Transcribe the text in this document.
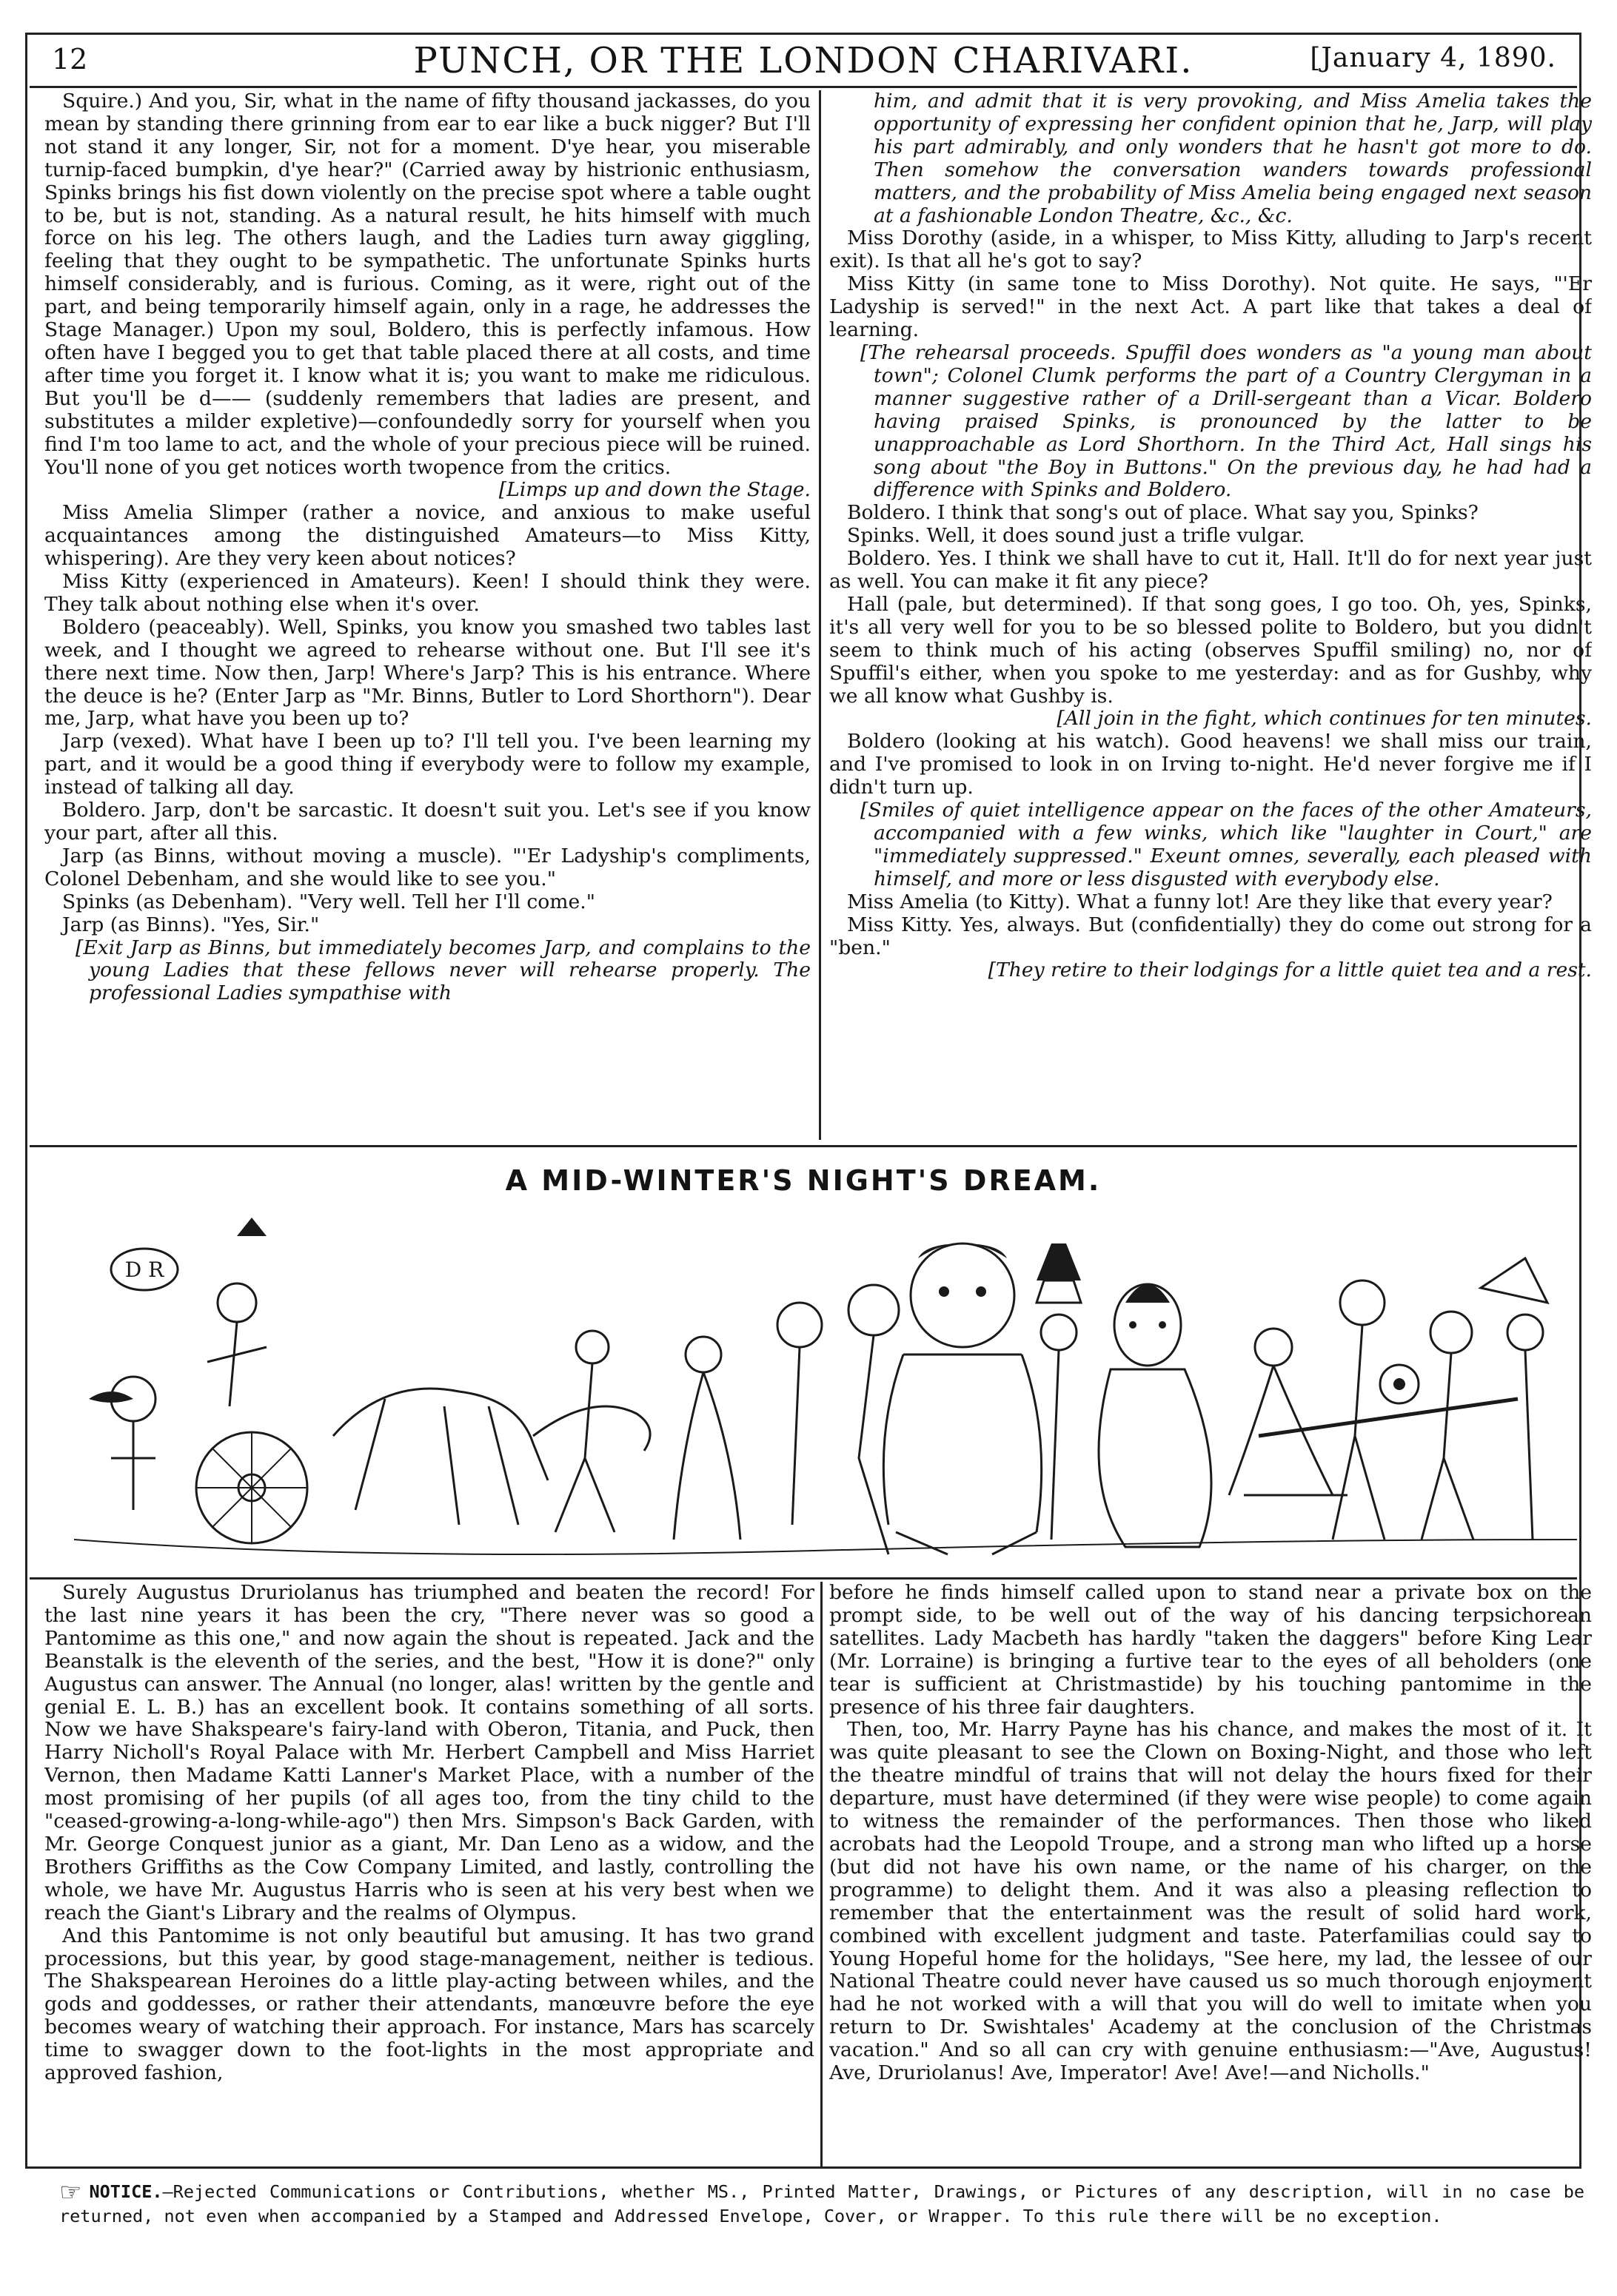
12	PUNCH, OR THE LONDON CHARIVARI.	[January 4, 1890.

Squire.) And you, Sir, what in the name of fifty thousand jackasses, do you mean by standing there grinning from ear to ear like a buck nigger? But I'll not stand it any longer, Sir, not for a moment. D'ye hear, you miserable turnip-faced bumpkin, d'ye hear?" (Carried away by histrionic enthusiasm, Spinks brings his fist down violently on the precise spot where a table ought to be, but is not, standing. As a natural result, he hits himself with much force on his leg. The others laugh, and the Ladies turn away giggling, feeling that they ought to be sympathetic. The unfortunate Spinks hurts himself considerably, and is furious. Coming, as it were, right out of the part, and being temporarily himself again, only in a rage, he addresses the Stage Manager.) Upon my soul, Boldero, this is perfectly infamous. How often have I begged you to get that table placed there at all costs, and time after time you forget it. I know what it is; you want to make me ridiculous. But you'll be d—— (suddenly remembers that ladies are present, and substitutes a milder expletive)—confoundedly sorry for yourself when you find I'm too lame to act, and the whole of your precious piece will be ruined. You'll none of you get notices worth twopence from the critics.

[Limps up and down the Stage.

Miss Amelia Slimper (rather a novice, and anxious to make useful acquaintances among the distinguished Amateurs—to Miss Kitty, whispering). Are they very keen about notices?

Miss Kitty (experienced in Amateurs). Keen! I should think they were. They talk about nothing else when it's over.

Boldero (peaceably). Well, Spinks, you know you smashed two tables last week, and I thought we agreed to rehearse without one. But I'll see it's there next time. Now then, Jarp! Where's Jarp? This is his entrance. Where the deuce is he? (Enter Jarp as "Mr. Binns, Butler to Lord Shorthorn"). Dear me, Jarp, what have you been up to?

Jarp (vexed). What have I been up to? I'll tell you. I've been learning my part, and it would be a good thing if everybody were to follow my example, instead of talking all day.

Boldero. Jarp, don't be sarcastic. It doesn't suit you. Let's see if you know your part, after all this.

Jarp (as Binns, without moving a muscle). "'Er Ladyship's compliments, Colonel Debenham, and she would like to see you."

Spinks (as Debenham). "Very well. Tell her I'll come."

Jarp (as Binns). "Yes, Sir."

[Exit Jarp as Binns, but immediately becomes Jarp, and complains to the young Ladies that these fellows never will rehearse properly. The professional Ladies sympathise with

him, and admit that it is very provoking, and Miss Amelia takes the opportunity of expressing her confident opinion that he, Jarp, will play his part admirably, and only wonders that he hasn't got more to do. Then somehow the conversation wanders towards professional matters, and the probability of Miss Amelia being engaged next season at a fashionable London Theatre, &c., &c.

Miss Dorothy (aside, in a whisper, to Miss Kitty, alluding to Jarp's recent exit). Is that all he's got to say?

Miss Kitty (in same tone to Miss Dorothy). Not quite. He says, "'Er Ladyship is served!" in the next Act. A part like that takes a deal of learning.

[The rehearsal proceeds. Spuffil does wonders as "a young man about town"; Colonel Clumk performs the part of a Country Clergyman in a manner suggestive rather of a Drill-sergeant than a Vicar. Boldero having praised Spinks, is pronounced by the latter to be unapproachable as Lord Shorthorn. In the Third Act, Hall sings his song about "the Boy in Buttons." On the previous day, he had had a difference with Spinks and Boldero.

Boldero. I think that song's out of place. What say you, Spinks?

Spinks. Well, it does sound just a trifle vulgar.

Boldero. Yes. I think we shall have to cut it, Hall. It'll do for next year just as well. You can make it fit any piece?

Hall (pale, but determined). If that song goes, I go too. Oh, yes, Spinks, it's all very well for you to be so blessed polite to Boldero, but you didn't seem to think much of his acting (observes Spuffil smiling) no, nor of Spuffil's either, when you spoke to me yesterday: and as for Gushby, why we all know what Gushby is.

[All join in the fight, which continues for ten minutes.

Boldero (looking at his watch). Good heavens! we shall miss our train, and I've promised to look in on Irving to-night. He'd never forgive me if I didn't turn up.

[Smiles of quiet intelligence appear on the faces of the other Amateurs, accompanied with a few winks, which like "laughter in Court," are "immediately suppressed." Exeunt omnes, severally, each pleased with himself, and more or less disgusted with everybody else.

Miss Amelia (to Kitty). What a funny lot! Are they like that every year?

Miss Kitty. Yes, always. But (confidentially) they do come out strong for a "ben."

[They retire to their lodgings for a little quiet tea and a rest.

A MID-WINTER'S NIGHT'S DREAM.
D R

Surely Augustus Druriolanus has triumphed and beaten the record! For the last nine years it has been the cry, "There never was so good a Pantomime as this one," and now again the shout is repeated. Jack and the Beanstalk is the eleventh of the series, and the best, "How it is done?" only Augustus can answer. The Annual (no longer, alas! written by the gentle and genial E. L. B.) has an excellent book. It contains something of all sorts. Now we have Shakspeare's fairy-land with Oberon, Titania, and Puck, then Harry Nicholl's Royal Palace with Mr. Herbert Campbell and Miss Harriet Vernon, then Madame Katti Lanner's Market Place, with a number of the most promising of her pupils (of all ages too, from the tiny child to the "ceased-growing-a-long-while-ago") then Mrs. Simpson's Back Garden, with Mr. George Conquest junior as a giant, Mr. Dan Leno as a widow, and the Brothers Griffiths as the Cow Company Limited, and lastly, controlling the whole, we have Mr. Augustus Harris who is seen at his very best when we reach the Giant's Library and the realms of Olympus.

And this Pantomime is not only beautiful but amusing. It has two grand processions, but this year, by good stage-management, neither is tedious. The Shakspearean Heroines do a little play-acting between whiles, and the gods and goddesses, or rather their attendants, manœuvre before the eye becomes weary of watching their approach. For instance, Mars has scarcely time to swagger down to the foot-lights in the most appropriate and approved fashion,

before he finds himself called upon to stand near a private box on the prompt side, to be well out of the way of his dancing terpsichorean satellites. Lady Macbeth has hardly "taken the daggers" before King Lear (Mr. Lorraine) is bringing a furtive tear to the eyes of all beholders (one tear is sufficient at Christmastide) by his touching pantomime in the presence of his three fair daughters.

Then, too, Mr. Harry Payne has his chance, and makes the most of it. It was quite pleasant to see the Clown on Boxing-Night, and those who left the theatre mindful of trains that will not delay the hours fixed for their departure, must have determined (if they were wise people) to come again to witness the remainder of the performances. Then those who liked acrobats had the Leopold Troupe, and a strong man who lifted up a horse (but did not have his own name, or the name of his charger, on the programme) to delight them. And it was also a pleasing reflection to remember that the entertainment was the result of solid hard work, combined with excellent judgment and taste. Paterfamilias could say to Young Hopeful home for the holidays, "See here, my lad, the lessee of our National Theatre could never have caused us so much thorough enjoyment had he not worked with a will that you will do well to imitate when you return to Dr. Swishtales' Academy at the conclusion of the Christmas vacation." And so all can cry with genuine enthusiasm:—"Ave, Augustus! Ave, Druriolanus! Ave, Imperator! Ave! Ave!—and Nicholls."

☞ NOTICE.—Rejected Communications or Contributions, whether MS., Printed Matter, Drawings, or Pictures of any description, will in no case be returned, not even when accompanied by a Stamped and Addressed Envelope, Cover, or Wrapper. To this rule there will be no exception.
